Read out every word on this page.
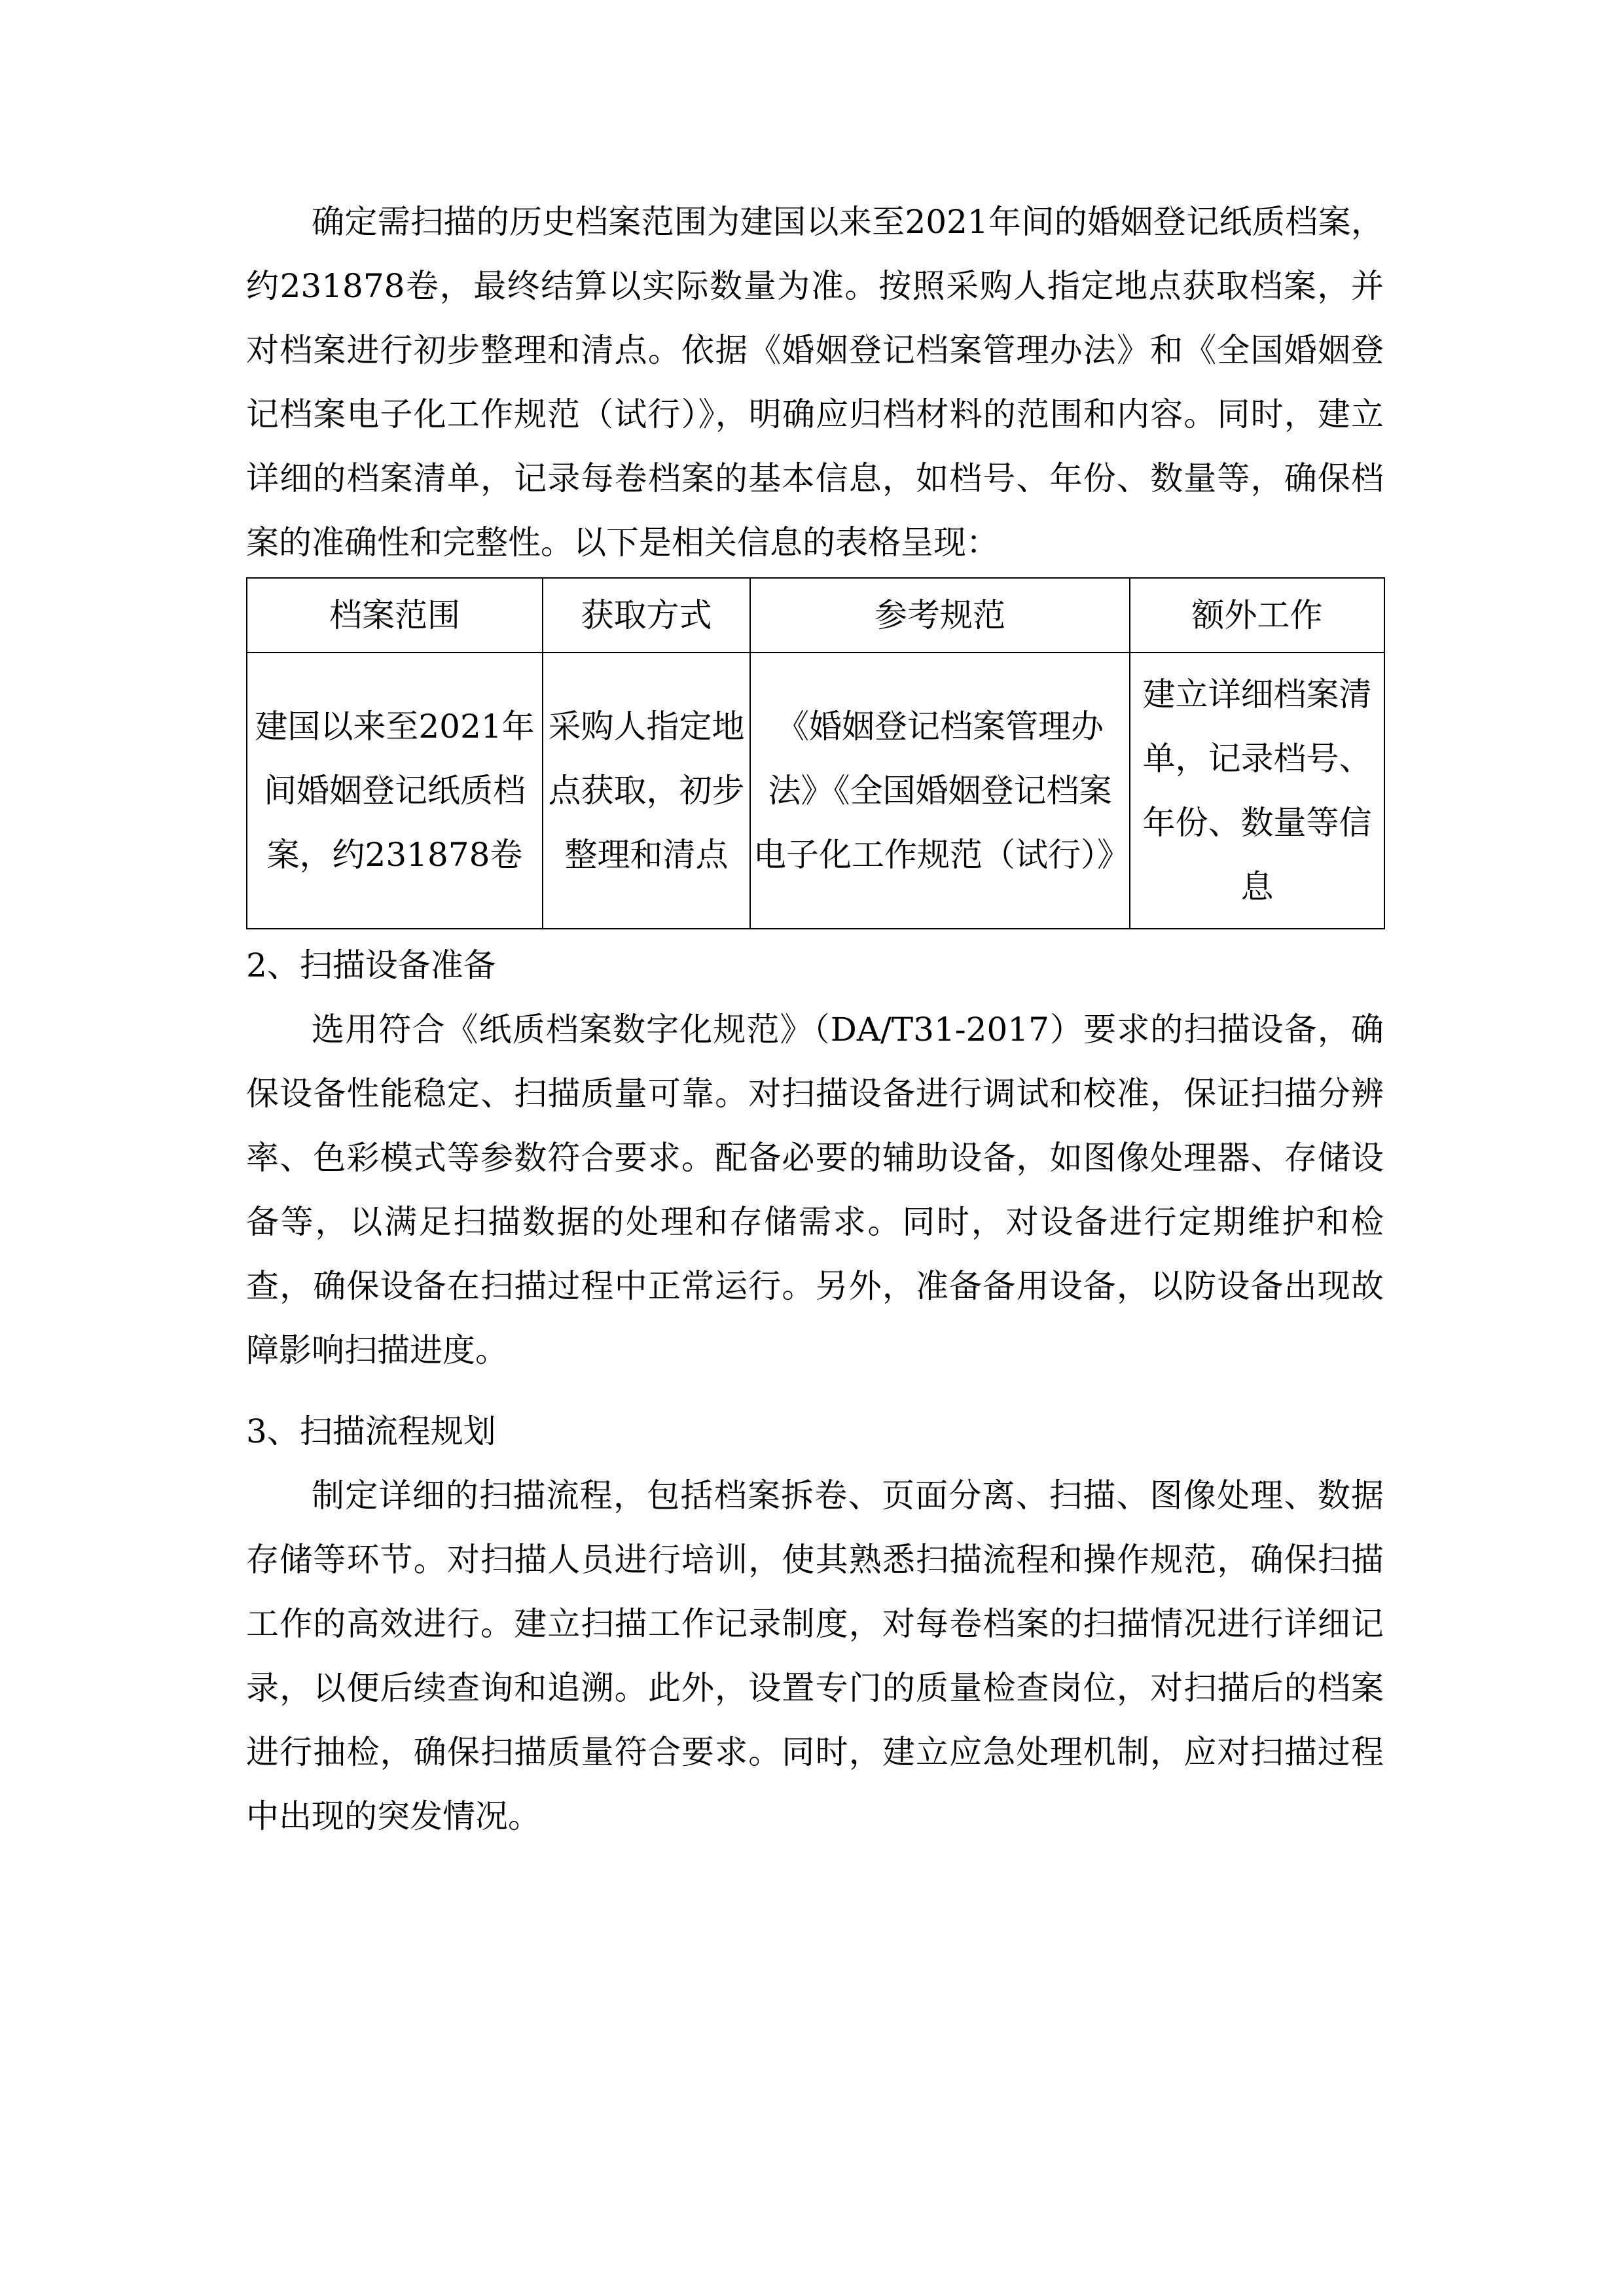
确定需扫描的历史档案范围为建国以来至2021年间的婚姻登记纸质档案，约231878卷，最终结算以实际数量为准。按照采购人指定地点获取档案，并对档案进行初步整理和清点。依据《婚姻登记档案管理办法》和《全国婚姻登记档案电子化工作规范（试行）》，明确应归档材料的范围和内容。同时，建立详细的档案清单，记录每卷档案的基本信息，如档号、年份、数量等，确保档案的准确性和完整性。以下是相关信息的表格呈现：

档案范围	获取方式	参考规范	额外工作
建国以来至2021年间婚姻登记纸质档案，约231878卷	采购人指定地点获取，初步整理和清点	《婚姻登记档案管理办法》《全国婚姻登记档案电子化工作规范（试行）》	建立详细档案清单，记录档号、年份、数量等信息

2、扫描设备准备

选用符合《纸质档案数字化规范》（DA/T31-2017）要求的扫描设备，确保设备性能稳定、扫描质量可靠。对扫描设备进行调试和校准，保证扫描分辨率、色彩模式等参数符合要求。配备必要的辅助设备，如图像处理器、存储设备等，以满足扫描数据的处理和存储需求。同时，对设备进行定期维护和检查，确保设备在扫描过程中正常运行。另外，准备备用设备，以防设备出现故障影响扫描进度。

3、扫描流程规划

制定详细的扫描流程，包括档案拆卷、页面分离、扫描、图像处理、数据存储等环节。对扫描人员进行培训，使其熟悉扫描流程和操作规范，确保扫描工作的高效进行。建立扫描工作记录制度，对每卷档案的扫描情况进行详细记录，以便后续查询和追溯。此外，设置专门的质量检查岗位，对扫描后的档案进行抽检，确保扫描质量符合要求。同时，建立应急处理机制，应对扫描过程中出现的突发情况。
